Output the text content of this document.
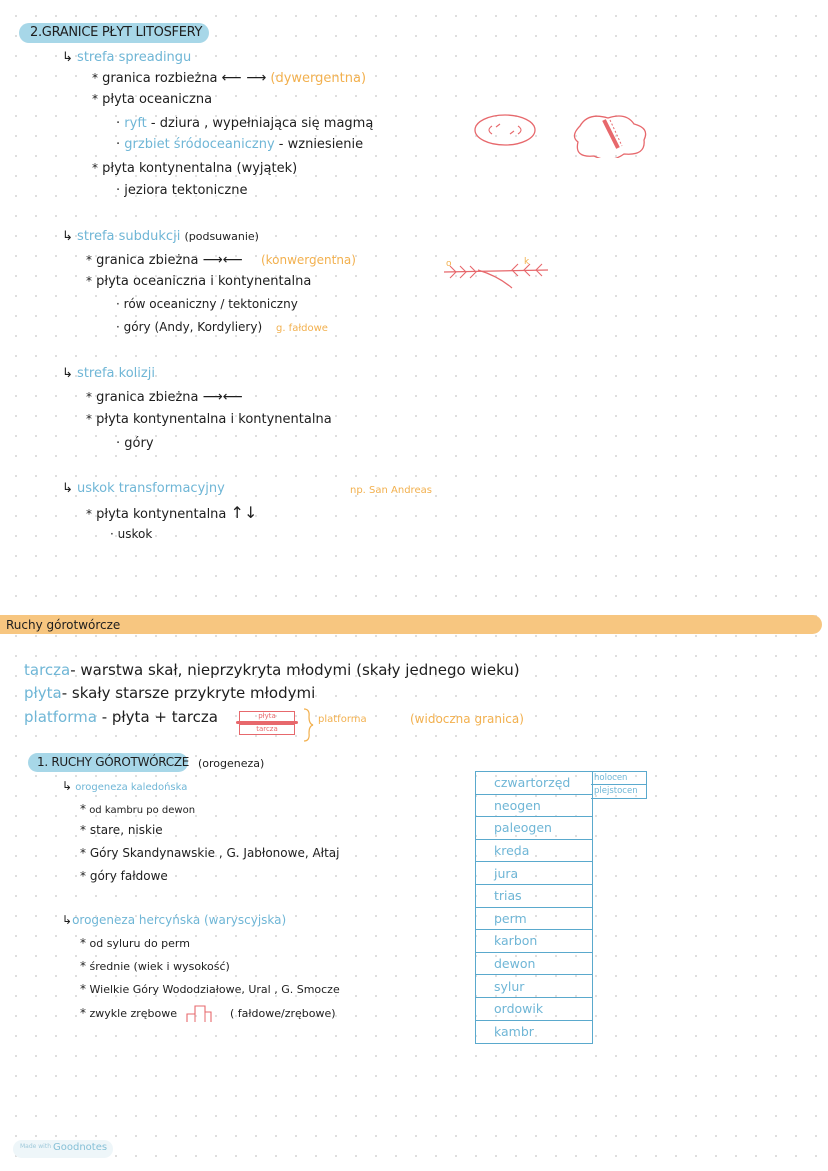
2.GRANICE PŁYT LITOSFERY
↳ strefa spreadingu
* granica rozbieżna ⟵ ⟶ (dywergentna)
* płyta oceaniczna
· ryft - dziura , wypełniająca się magmą
· grzbiet śródoceaniczny - wzniesienie
* płyta kontynentalna (wyjątek)
· jeziora tektoniczne
↳ strefa subdukcji (podsuwanie)
* granica zbieżna ⟶⟵ (konwergentna)
* płyta oceaniczna i kontynentalna
· rów oceaniczny / tektoniczny
· góry (Andy, Kordyliery) g. fałdowe
o	k
↳ strefa kolizji
* granica zbieżna ⟶⟵
* płyta kontynentalna i kontynentalna
· góry
↳ uskok transformacyjny	np. San Andreas
* płyta kontynentalna ↑↓
· uskok
Ruchy górotwórcze
tarcza- warstwa skał, nieprzykryta młodymi (skały jednego wieku)
płyta- skały starsze przykryte młodymi
platforma - płyta + tarcza	płyta
tarcza
platforma	(widoczna granica)
1. RUCHY GÓROTWÓRCZE (orogeneza)
↳ orogeneza kaledońska
* od kambru po dewon
* stare, niskie
* Góry Skandynawskie , G. Jabłonowe, Ałtaj
* góry fałdowe
↳orogeneza hercyńska (waryscyjska)
* od syluru do perm
* średnie (wiek i wysokość)
* Wielkie Góry Wododziałowe, Ural , G. Smocze
* zwykle zrębowe	( fałdowe/zrębowe)
czwartorzęd
neogen
paleogen
kreda
jura
trias
perm
karbon
dewon
sylur
ordowik
kambr
holocen
plejstocen
Made with Goodnotes
